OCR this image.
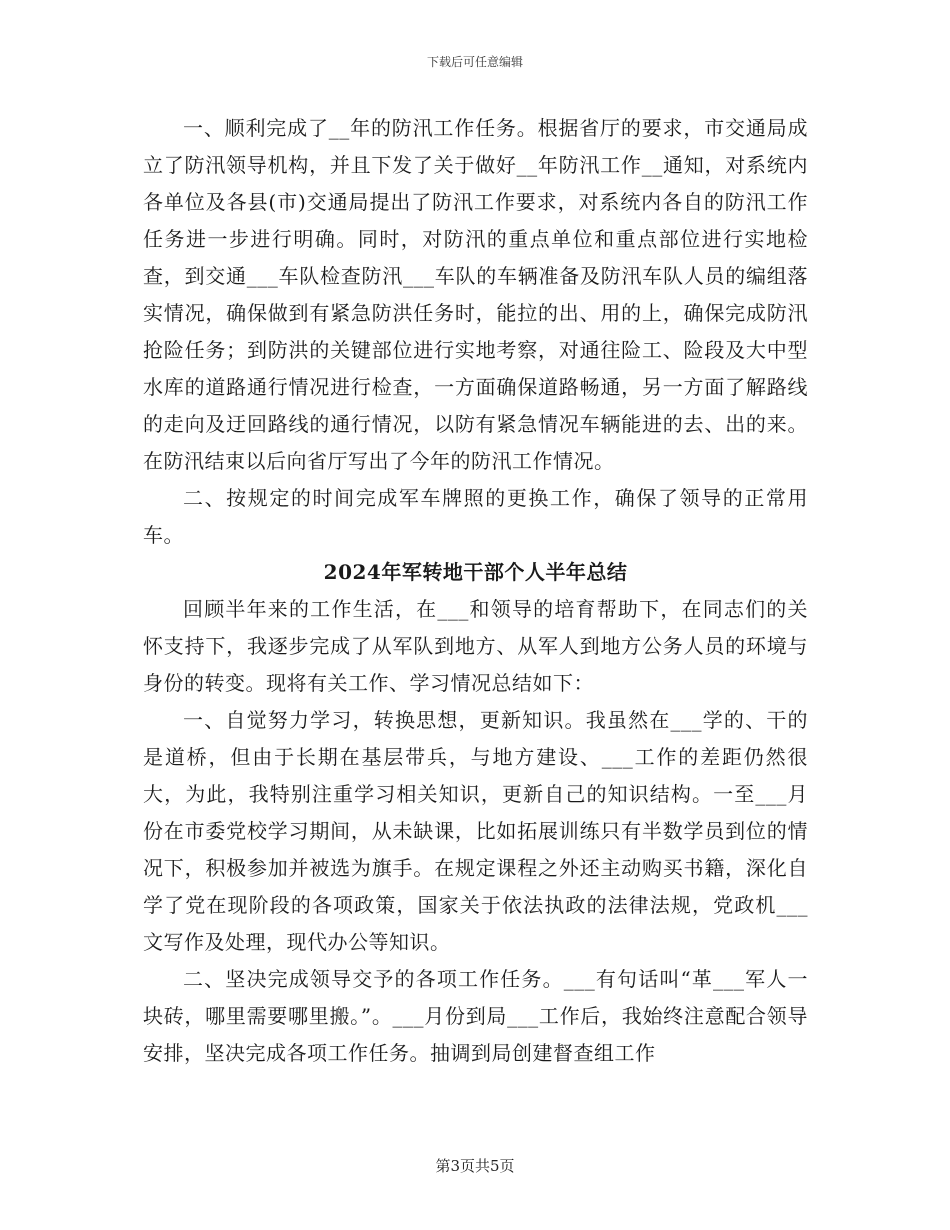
下载后可任意编辑

一、顺利完成了__年的防汛工作任务。根据省厅的要求，市交通局成立了防汛领导机构，并且下发了关于做好__年防汛工作__通知，对系统内各单位及各县(市)交通局提出了防汛工作要求，对系统内各自的防汛工作任务进一步进行明确。同时，对防汛的重点单位和重点部位进行实地检查，到交通___车队检查防汛___车队的车辆准备及防汛车队人员的编组落实情况，确保做到有紧急防洪任务时，能拉的出、用的上，确保完成防汛抢险任务；到防洪的关键部位进行实地考察，对通往险工、险段及大中型水库的道路通行情况进行检查，一方面确保道路畅通，另一方面了解路线的走向及迂回路线的通行情况，以防有紧急情况车辆能进的去、出的来。在防汛结束以后向省厅写出了今年的防汛工作情况。

二、按规定的时间完成军车牌照的更换工作，确保了领导的正常用车。

2024年军转地干部个人半年总结

回顾半年来的工作生活，在___和领导的培育帮助下，在同志们的关怀支持下，我逐步完成了从军队到地方、从军人到地方公务人员的环境与身份的转变。现将有关工作、学习情况总结如下：

一、自觉努力学习，转换思想，更新知识。我虽然在___学的、干的是道桥，但由于长期在基层带兵，与地方建设、___工作的差距仍然很大，为此，我特别注重学习相关知识，更新自己的知识结构。一至___月份在市委党校学习期间，从未缺课，比如拓展训练只有半数学员到位的情况下，积极参加并被选为旗手。在规定课程之外还主动购买书籍，深化自学了党在现阶段的各项政策，国家关于依法执政的法律法规，党政机___文写作及处理，现代办公等知识。

二、坚决完成领导交予的各项工作任务。___有句话叫“革___军人一块砖，哪里需要哪里搬。”。___月份到局___工作后，我始终注意配合领导安排，坚决完成各项工作任务。抽调到局创建督查组工作

第3页共5页
